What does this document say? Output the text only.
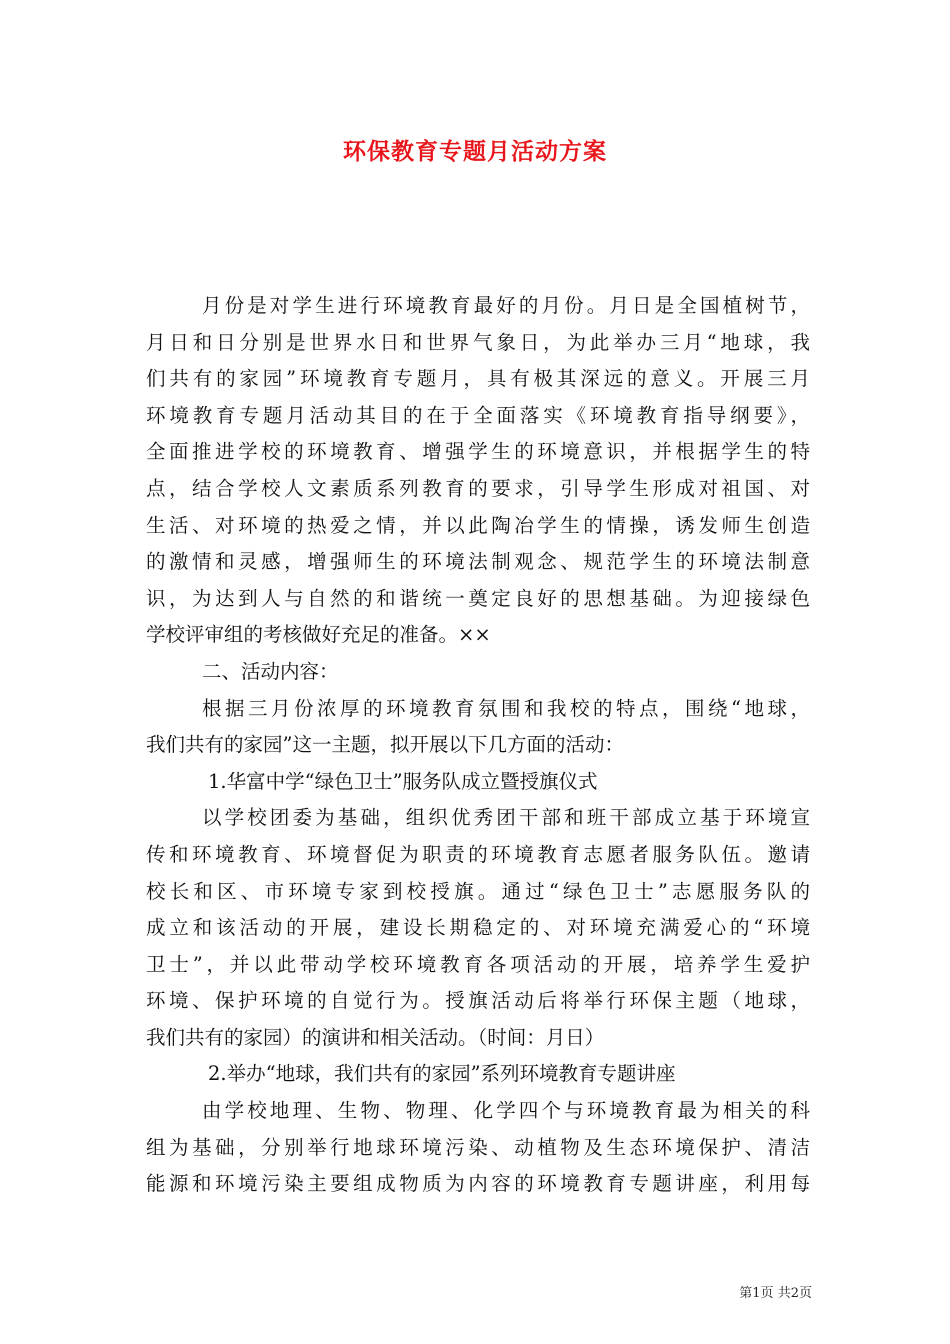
环保教育专题月活动方案
月份是对学生进行环境教育最好的月份。月日是全国植树节，
月日和日分别是世界水日和世界气象日，为此举办三月“地球，我
们共有的家园”环境教育专题月，具有极其深远的意义。开展三月
环境教育专题月活动其目的在于全面落实《环境教育指导纲要》，
全面推进学校的环境教育、增强学生的环境意识，并根据学生的特
点，结合学校人文素质系列教育的要求，引导学生形成对祖国、对
生活、对环境的热爱之情，并以此陶冶学生的情操，诱发师生创造
的激情和灵感，增强师生的环境法制观念、规范学生的环境法制意
识，为达到人与自然的和谐统一奠定良好的思想基础。为迎接绿色
学校评审组的考核做好充足的准备。××
二、活动内容：
根据三月份浓厚的环境教育氛围和我校的特点，围绕“地球，
我们共有的家园”这一主题，拟开展以下几方面的活动：
1.华富中学“绿色卫士”服务队成立暨授旗仪式
以学校团委为基础，组织优秀团干部和班干部成立基于环境宣
传和环境教育、环境督促为职责的环境教育志愿者服务队伍。邀请
校长和区、市环境专家到校授旗。通过“绿色卫士”志愿服务队的
成立和该活动的开展，建设长期稳定的、对环境充满爱心的“环境
卫士”，并以此带动学校环境教育各项活动的开展，培养学生爱护
环境、保护环境的自觉行为。授旗活动后将举行环保主题（地球，
我们共有的家园）的演讲和相关活动。（时间：月日）
2.举办“地球，我们共有的家园”系列环境教育专题讲座
由学校地理、生物、物理、化学四个与环境教育最为相关的科
组为基础，分别举行地球环境污染、动植物及生态环境保护、清洁
能源和环境污染主要组成物质为内容的环境教育专题讲座，利用每
第1页 共2页
